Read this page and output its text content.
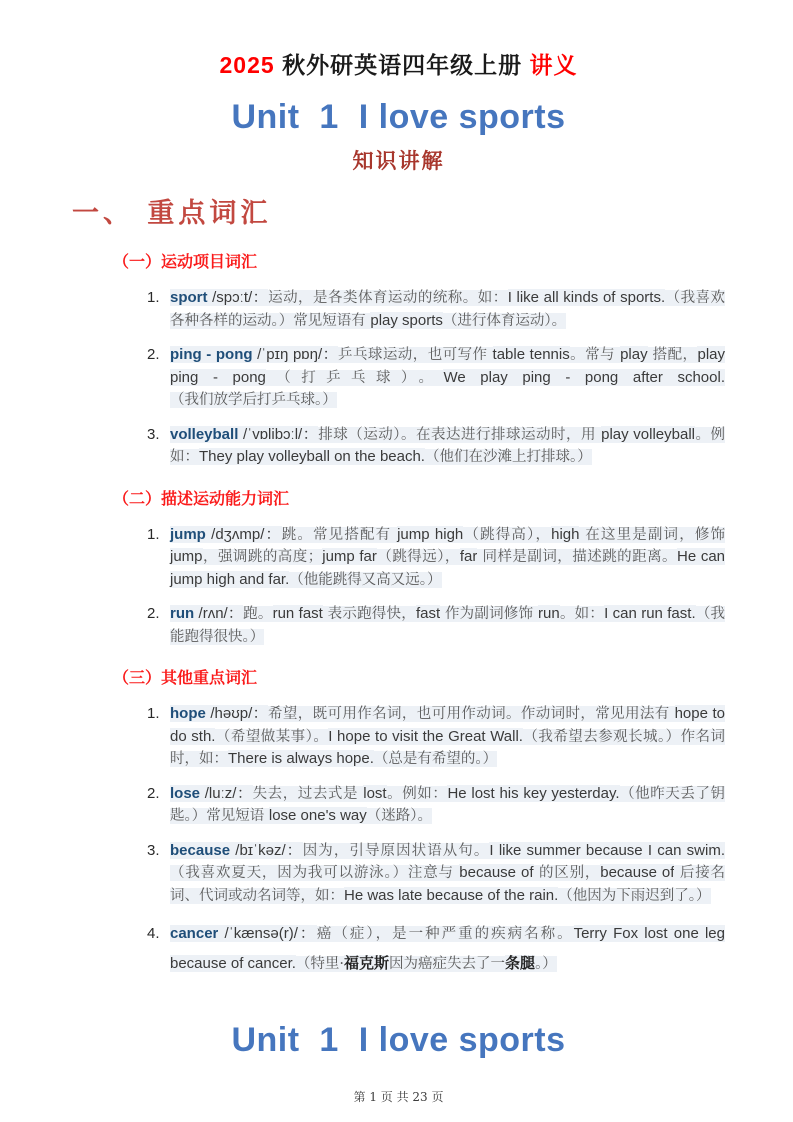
2025 秋外研英语四年级上册 讲义
Unit  1  I love sports
知识讲解
一、 重点词汇
（一）运动项目词汇
1. sport /spɔːt/：运动，是各类体育运动的统称。如：I like all kinds of sports.（我喜欢各种各样的运动。）常见短语有 play sports（进行体育运动）。
2. ping - pong /ˈpɪŋ pɒŋ/：乒乓球运动，也可写作 table tennis。常与 play 搭配，play ping - pong（打乒乓球）。We play ping - pong after school.（我们放学后打乒乓球。）
3. volleyball /ˈvɒlibɔːl/：排球（运动）。在表达进行排球运动时，用 play volleyball。例如：They play volleyball on the beach.（他们在沙滩上打排球。）
（二）描述运动能力词汇
1. jump /dʒʌmp/：跳。常见搭配有 jump high（跳得高），high 在这里是副词，修饰 jump，强调跳的高度；jump far（跳得远），far 同样是副词，描述跳的距离。He can jump high and far.（他能跳得又高又远。）
2. run /rʌn/：跑。run fast 表示跑得快，fast 作为副词修饰 run。如：I can run fast.（我能跑得很快。）
（三）其他重点词汇
1. hope /həʊp/：希望，既可用作名词，也可用作动词。作动词时，常见用法有 hope to do sth.（希望做某事）。I hope to visit the Great Wall.（我希望去参观长城。）作名词时，如：There is always hope.（总是有希望的。）
2. lose /luːz/：失去，过去式是 lost。例如：He lost his key yesterday.（他昨天丢了钥匙。）常见短语 lose one's way（迷路）。
3. because /bɪˈkəz/：因为，引导原因状语从句。I like summer because I can swim.（我喜欢夏天，因为我可以游泳。）注意与 because of 的区别，because of 后接名词、代词或动名词等，如：He was late because of the rain.（他因为下雨迟到了。）
4. cancer /ˈkænsə(r)/：癌（症），是一种严重的疾病名称。Terry Fox lost one leg because of cancer.（特里·福克斯因为癌症失去了一条腿。）
Unit  1  I love sports
第 1 页 共 23 页
